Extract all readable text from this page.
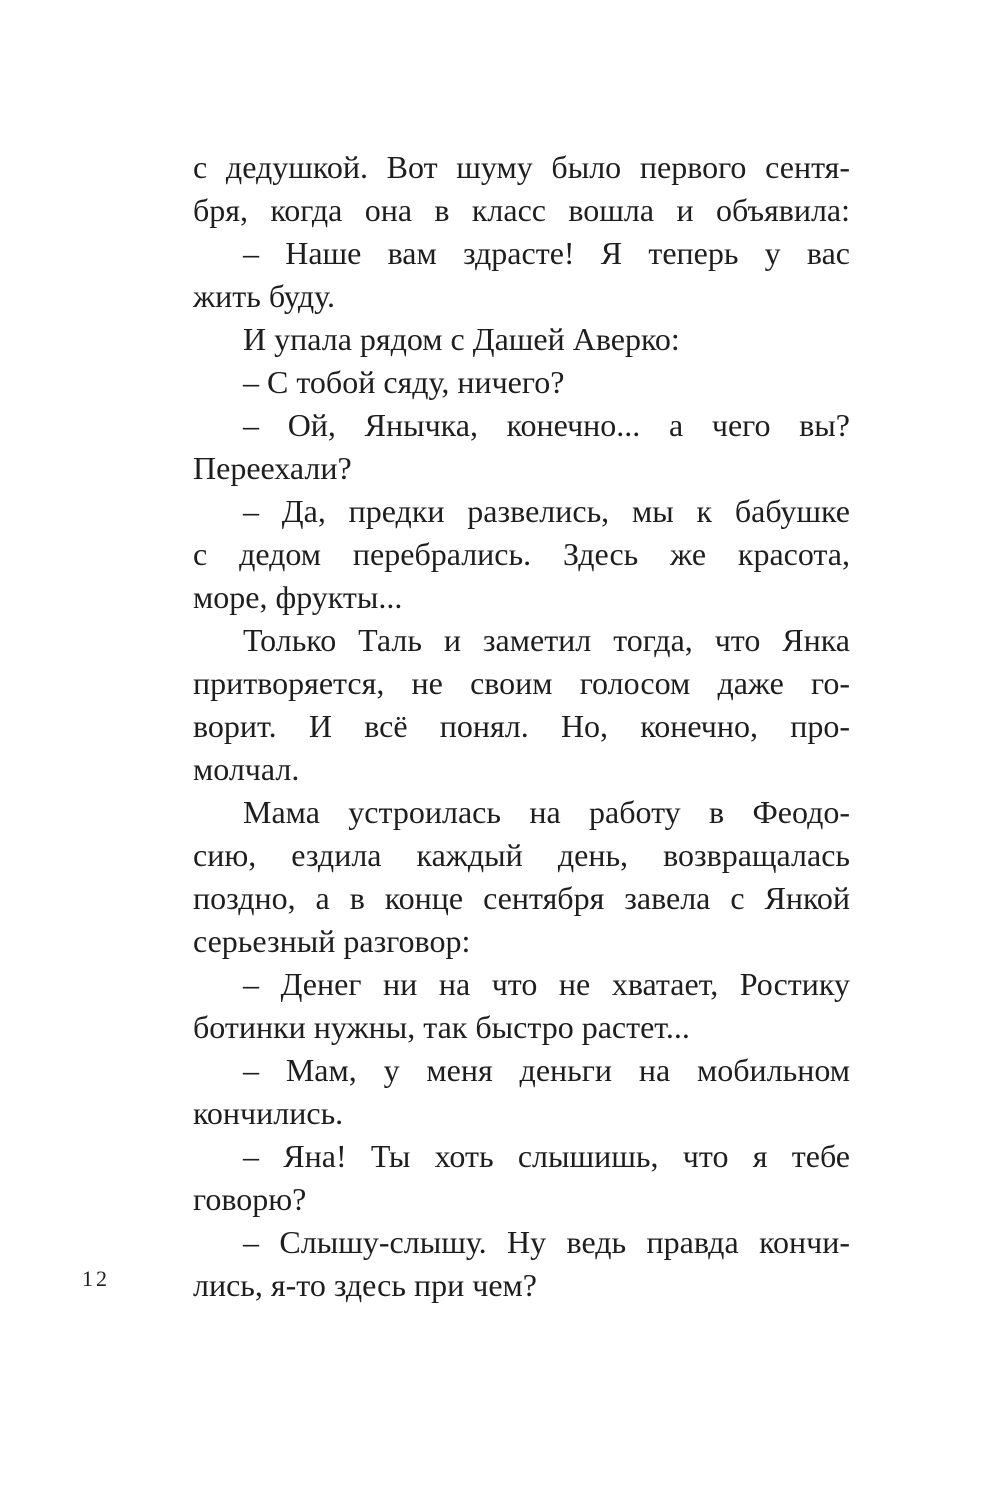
с дедушкой. Вот шуму было первого сентя-
бря, когда она в класс вошла и объявила:
– Наше вам здрасте! Я теперь у вас
жить буду.
И упала рядом с Дашей Аверко:
– С тобой сяду, ничего?
– Ой, Янычка, конечно... а чего вы?
Переехали?
– Да, предки развелись, мы к бабушке
с дедом перебрались. Здесь же красота,
море, фрукты...
Только Таль и заметил тогда, что Янка
притворяется, не своим голосом даже го-
ворит. И всё понял. Но, конечно, про-
молчал.
Мама устроилась на работу в Феодо-
сию, ездила каждый день, возвращалась
поздно, а в конце сентября завела с Янкой
серьезный разговор:
– Денег ни на что не хватает, Ростику
ботинки нужны, так быстро растет...
– Мам, у меня деньги на мобильном
кончились.
– Яна! Ты хоть слышишь, что я тебе
говорю?
– Слышу-слышу. Ну ведь правда кончи-
лись, я-то здесь при чем?
12
